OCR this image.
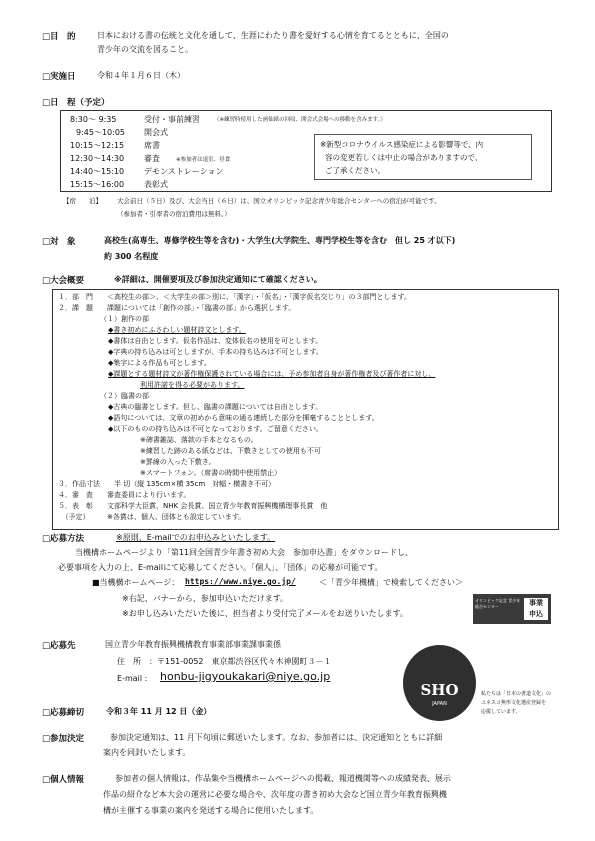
□目　的	日本における書の伝統と文化を通して、生涯にわたり書を愛好する心情を育てるとともに、全国の
青少年の交流を図ること。
□実施日	令和４年１月６日（木）
□日　程（予定）
8:30～ 9:35	受付・事前練習	（※練習時使用した画仙紙の回収、開会式会場への移動を含みます。）
9:45～10:05 開会式
10:15～12:15 席書
12:30～14:30 審査	※参加者は退室、昼食
14:40～15:10 デモンストレーション
15:15～16:00 表彰式
※新型コロナウイルス感染症による影響等で、内
容の変更若しくは中止の場合がありますので、
ご了承ください。
【宿　　泊】 大会前日（５日）及び、大会当日（６日）は、国立オリンピック記念青少年総合センターへの宿泊が可能です。
（参加者・引率者の宿泊費用は無料。）
□対　象	高校生(高専生、専修学校生等を含む)・大学生(大学院生、専門学校生等を含む　但し 25 才以下)
約 300 名程度
□大会概要	※詳細は、開催要項及び参加決定通知にて確認ください。
１．部　門　　＜高校生の部＞、＜大学生の部＞別に、「漢字」・「仮名」・「漢字仮名交じり」の３部門とします。
２．課　題　　課題については「創作の部」・「臨書の部」から選択します。
（１）創作の部
◆書き初めにふさわしい題材詩文とします。
◆書体は自由とします。仮名作品は、変体仮名の使用を可とします。
◆字典の持ち込みは可としますが、手本の持ち込みは不可とします。
◆集字による作品も可とします。
◆課題とする題材詩文が著作権保護されている場合には、予め参加者自身が著作権者及び著作者に対し、
利用許諾を得る必要があります。
（２）臨書の部
◆古典の臨書とします。但し、臨書の課題については自由とします。
◆語句については、文章の初めから意味の通る連続した部分を揮毫することとします。
◆以下のものの持ち込みは不可となっております。ご留意ください。
※碑書雑誌、落款の手本となるもの。
※練習した跡のある紙などは、下敷きとしての使用も不可
※罫線の入った下敷き。
※スマートフォン。（席書の時間中使用禁止）
３．作品寸法　　半 切（縦 135cm×横 35cm　対幅・横書き不可）
４．審　査　　審査委員により行います。
５．表　彰　　文部科学大臣賞、NHK 会長賞、国立青少年教育振興機構理事長賞　他
　（予定）　　　※各賞は、個人、団体とも設定しています。
□応募方法	※原則、E-mailでのお申込みといたします。
当機構ホームページより「第11回全国青少年書き初め大会　参加申込書」をダウンロードし、
必要事項を入力の上、E-mailにて応募してください。「個人」、「団体」の応募が可能です。
■当機構ホームページ： https://www.niye.go.jp/	＜「青少年機構」で検索してください＞
※右記、バナーから、参加申込いただけます。
※お申し込みいただいた後に、担当者より受付完了メールをお送りいたします。
オリンピック記念 青少年総合センター	事業
申込
□応募先	国立青少年教育振興機構教育事業部事業課事業係
住　所　：〒151-0052　東京都渋谷区代々木神園町３－１
E-mail : honbu-jigyoukakari@niye.go.jp
SHO
JAPAN
私たちは「日本の書道文化」の
ユネスコ無形文化遺産登録を
応援しています。
□応募締切	令和３年 11 月 12 日（金）
□参加決定	参加決定通知は、11 月下旬頃に郵送いたします。なお、参加者には、決定通知とともに詳細
案内を同封いたします。
□個人情報	参加者の個人情報は、作品集や当機構ホームページへの掲載、報道機関等への成績発表、展示
作品の紹介など本大会の運営に必要な場合や、次年度の書き初め大会など国立青少年教育振興機
構が主催する事業の案内を発送する場合に使用いたします。
